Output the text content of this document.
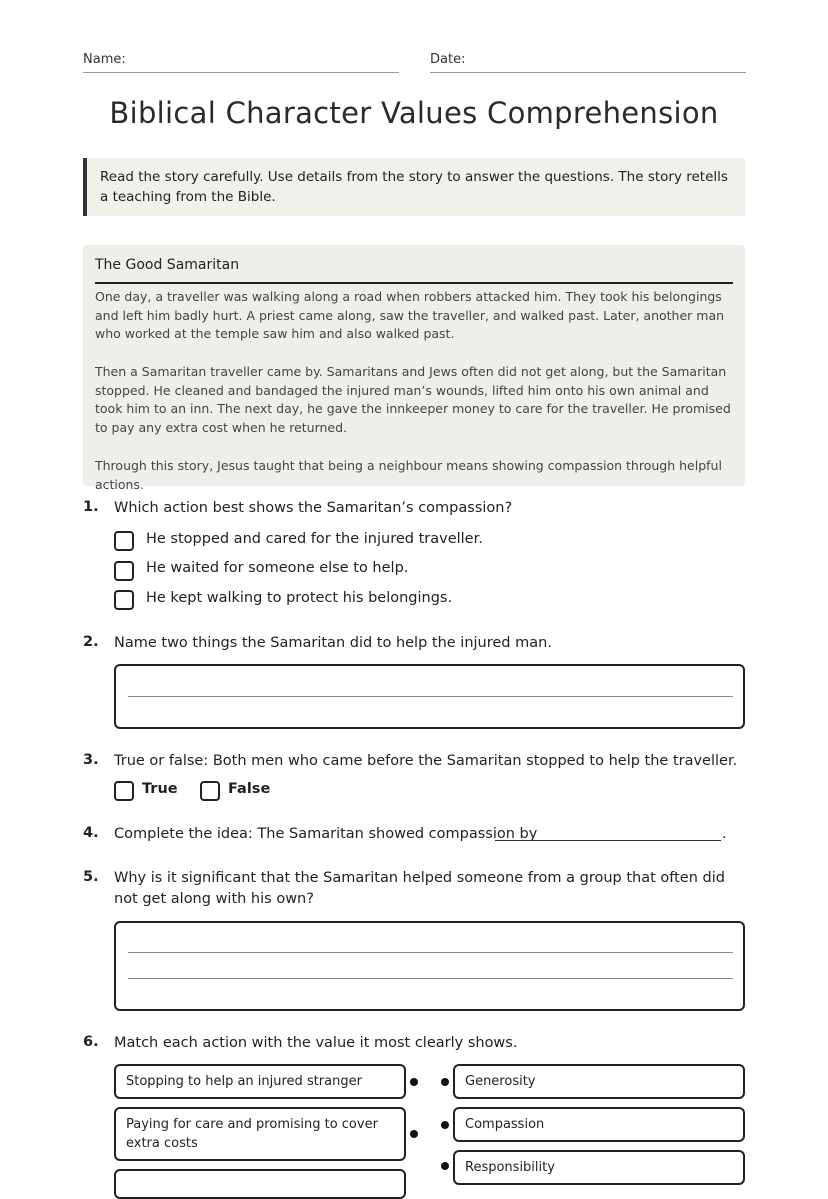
Name:	Date:
Biblical Character Values Comprehension
Read the story carefully. Use details from the story to answer the questions. The story retells a teaching from the Bible.
The Good Samaritan

One day, a traveller was walking along a road when robbers attacked him. They took his belongings and left him badly hurt. A priest came along, saw the traveller, and walked past. Later, another man who worked at the temple saw him and also walked past.

Then a Samaritan traveller came by. Samaritans and Jews often did not get along, but the Samaritan stopped. He cleaned and bandaged the injured man’s wounds, lifted him onto his own animal and took him to an inn. The next day, he gave the innkeeper money to care for the traveller. He promised to pay any extra cost when he returned.

Through this story, Jesus taught that being a neighbour means showing compassion through helpful actions.

1. Which action best shows the Samaritan’s compassion?
He stopped and cared for the injured traveller.
He waited for someone else to help.
He kept walking to protect his belongings.
2. Name two things the Samaritan did to help the injured man.
3. True or false: Both men who came before the Samaritan stopped to help the traveller.
True	False
4. Complete the idea: The Samaritan showed compassion by	.
5. Why is it significant that the Samaritan helped someone from a group that often did not get along with his own?
6. Match each action with the value it most clearly shows.
Stopping to help an injured stranger
Paying for care and promising to cover extra costs
Generosity
Compassion
Responsibility
